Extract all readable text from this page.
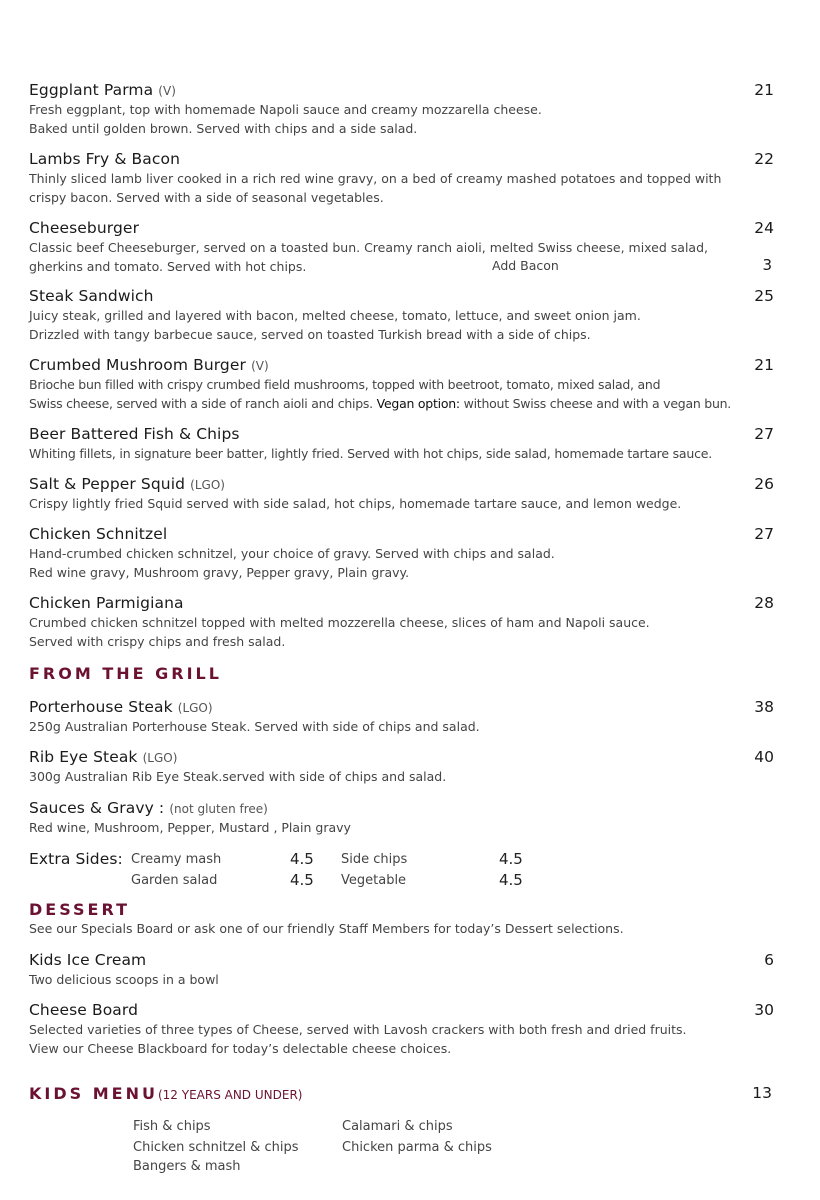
Eggplant Parma (V)	21
Fresh eggplant, top with homemade Napoli sauce and creamy mozzarella cheese.
Baked until golden brown. Served with chips and a side salad.
Lambs Fry & Bacon	22
Thinly sliced lamb liver cooked in a rich red wine gravy, on a bed of creamy mashed potatoes and topped with
crispy bacon. Served with a side of seasonal vegetables.
Cheeseburger	24
Classic beef Cheeseburger, served on a toasted bun. Creamy ranch aioli, melted Swiss cheese, mixed salad,
gherkins and tomato. Served with hot chips.	Add Bacon	3
Steak Sandwich	25
Juicy steak, grilled and layered with bacon, melted cheese, tomato, lettuce, and sweet onion jam.
Drizzled with tangy barbecue sauce, served on toasted Turkish bread with a side of chips.
Crumbed Mushroom Burger (V)	21
Brioche bun filled with crispy crumbed field mushrooms, topped with beetroot, tomato, mixed salad, and
Swiss cheese, served with a side of ranch aioli and chips. Vegan option: without Swiss cheese and with a vegan bun.
Beer Battered Fish & Chips	27
Whiting fillets, in signature beer batter, lightly fried. Served with hot chips, side salad, homemade tartare sauce.
Salt & Pepper Squid (LGO)	26
Crispy lightly fried Squid served with side salad, hot chips, homemade tartare sauce, and lemon wedge.
Chicken Schnitzel	27
Hand-crumbed chicken schnitzel, your choice of gravy. Served with chips and salad.
Red wine gravy, Mushroom gravy, Pepper gravy, Plain gravy.
Chicken Parmigiana	28
Crumbed chicken schnitzel topped with melted mozzerella cheese, slices of ham and Napoli sauce.
Served with crispy chips and fresh salad.
FROM THE GRILL
Porterhouse Steak (LGO)	38
250g Australian Porterhouse Steak. Served with side of chips and salad.
Rib Eye Steak (LGO)	40
300g Australian Rib Eye Steak.served with side of chips and salad.
Sauces & Gravy : (not gluten free)
Red wine, Mushroom, Pepper, Mustard , Plain gravy
Extra Sides: Creamy mash	4.5 Side chips	4.5
Garden salad	4.5 Vegetable	4.5
DESSERT
See our Specials Board or ask one of our friendly Staff Members for today’s Dessert selections.
Kids Ice Cream	6
Two delicious scoops in a bowl
Cheese Board	30
Selected varieties of three types of Cheese, served with Lavosh crackers with both fresh and dried fruits.
View our Cheese Blackboard for today’s delectable cheese choices.
KIDS MENU(12 YEARS AND UNDER)	13
Fish & chips	Calamari & chips
Chicken schnitzel & chips	Chicken parma & chips
Bangers & mash
